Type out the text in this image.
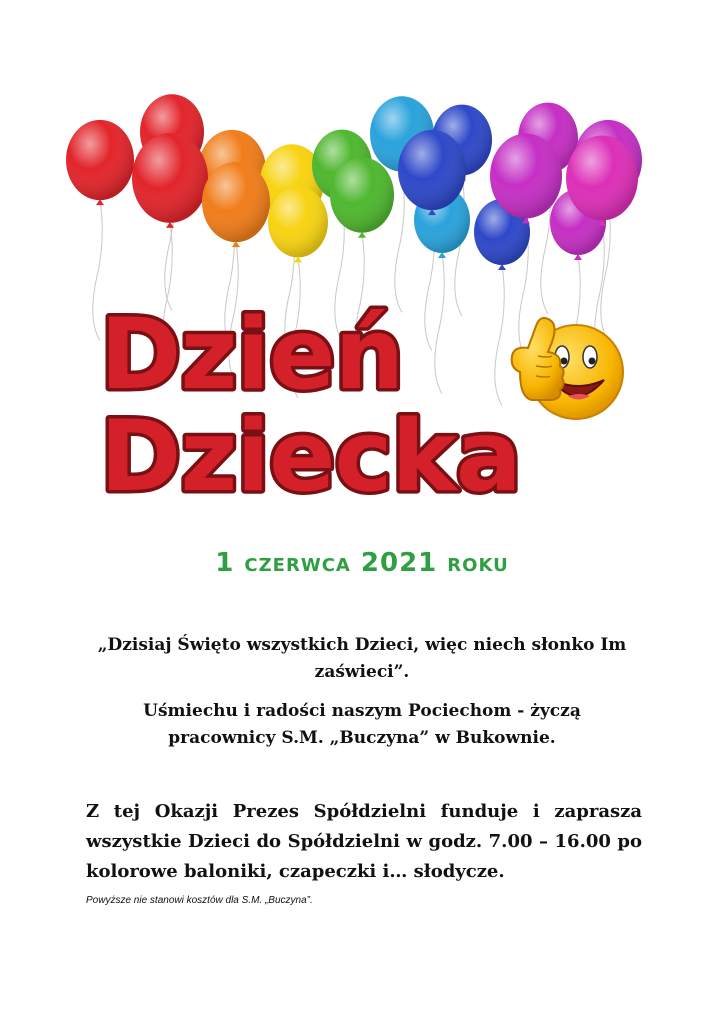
Dzień
Dziecka
1 czerwca 2021 roku
„Dzisiaj Święto wszystkich Dzieci, więc niech słonko Im zaświeci”.
Uśmiechu i radości naszym Pociechom - życzą pracownicy S.M. „Buczyna” w Bukownie.
Z tej Okazji Prezes Spółdzielni funduje i zaprasza wszystkie Dzieci do Spółdzielni w godz. 7.00 – 16.00 po kolorowe baloniki, czapeczki i… słodycze.
Powyższe nie stanowi kosztów dla S.M. „Buczyna”.
